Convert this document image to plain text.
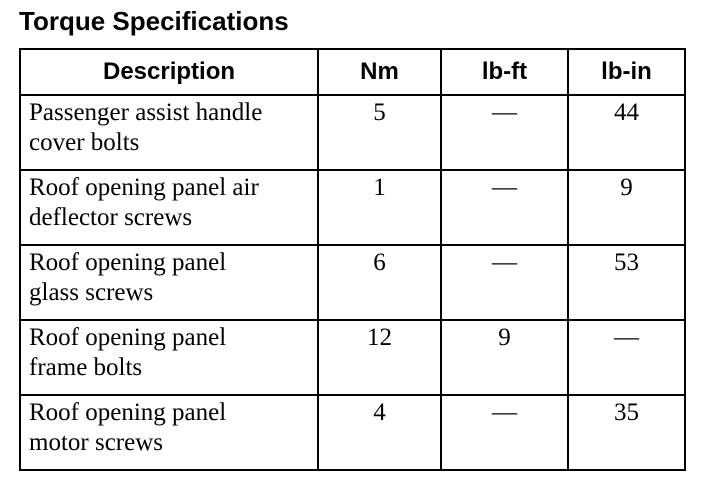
Torque Specifications
Description	Nm	lb-ft	lb-in
Passenger assist handle
cover bolts	5	—	44
Roof opening panel air
deflector screws	1	—	9
Roof opening panel
glass screws	6	—	53
Roof opening panel
frame bolts	12	9	—
Roof opening panel
motor screws	4	—	35
